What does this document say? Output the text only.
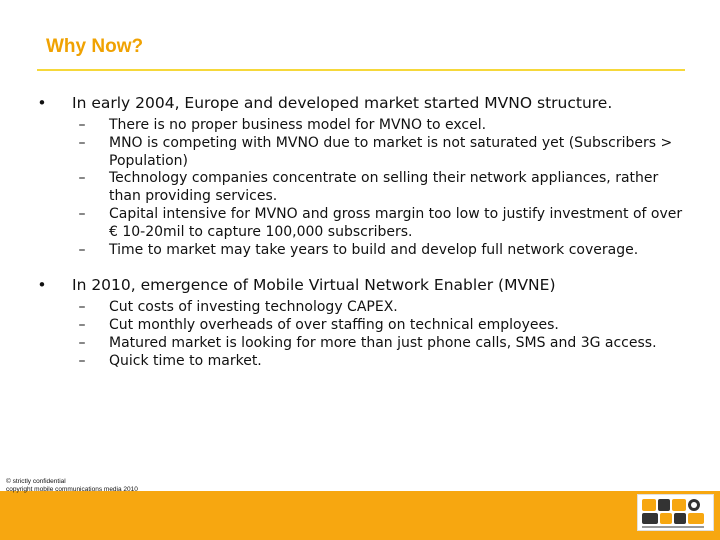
Why Now?
•	In early 2004, Europe and developed market started MVNO structure.
–	There is no proper business model for MVNO to excel.
–	MNO is competing with MVNO due to market is not saturated yet (Subscribers > Population)
–	Technology companies concentrate on selling their network appliances, rather than providing services.
–	Capital intensive for MVNO and gross margin too low to justify investment of over € 10-20mil to capture 100,000 subscribers.
–	Time to market may take years to build and develop full network coverage.
•	In 2010, emergence of Mobile Virtual Network Enabler (MVNE)
–	Cut costs of investing technology CAPEX.
–	Cut monthly overheads of over staffing on technical employees.
–	Matured market is looking for more than just phone calls, SMS and 3G access.
–	Quick time to market.
© strictly confidential
copyright mobile communications media 2010
